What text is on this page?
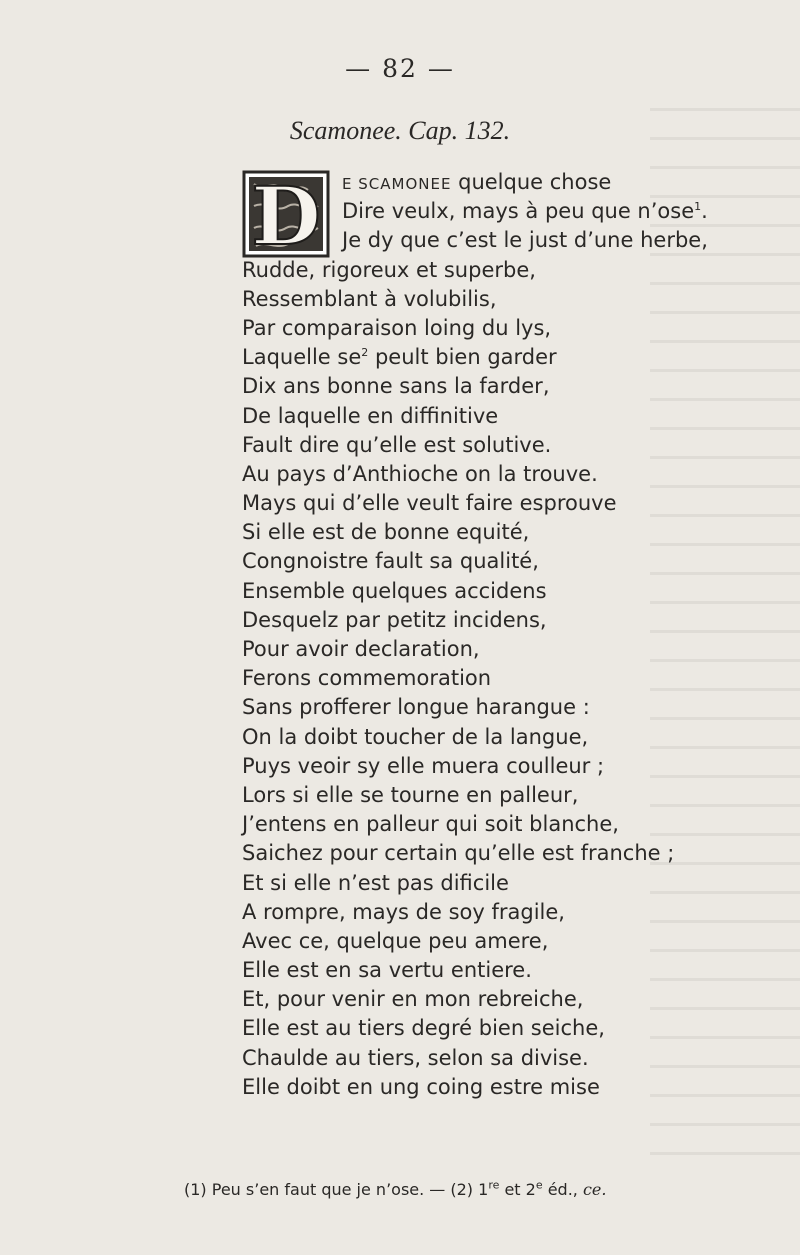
— 82 —
Scamonee. Cap. 132.
D	E SCAMONEE quelque chose
Dire veulx, mays à peu que n’ose$^1$.
Je dy que c’est le just d’une herbe,
Rudde, rigoreux et superbe,
Ressemblant à volubilis,
Par comparaison loing du lys,
Laquelle $se^2$ peult bien garder
Dix ans bonne sans la farder,
De laquelle en diffinitive
Fault dire qu’elle est solutive.
Au pays d’Anthioche on la trouve.
Mays qui d’elle veult faire esprouve
Si elle est de bonne equité,
Congnoistre fault sa qualité,
Ensemble quelques accidens
Desquelz par petitz incidens,
Pour avoir declaration,
Ferons commemoration
Sans profferer longue harangue :
On la doibt toucher de la langue,
Puys veoir sy elle muera coulleur ;
Lors si elle se tourne en palleur,
J’entens en palleur qui soit blanche,
Saichez pour certain qu’elle est franche ;
Et si elle n’est pas dificile
A rompre, mays de soy fragile,
Avec ce, quelque peu amere,
Elle est en sa vertu entiere.
Et, pour venir en mon rebreiche,
Elle est au tiers degré bien seiche,
Chaulde au tiers, selon sa divise.
Elle doibt en ung coing estre mise
(1) Peu s’en faut que je n’ose. — (2) 1re et 2e éd., ce.
